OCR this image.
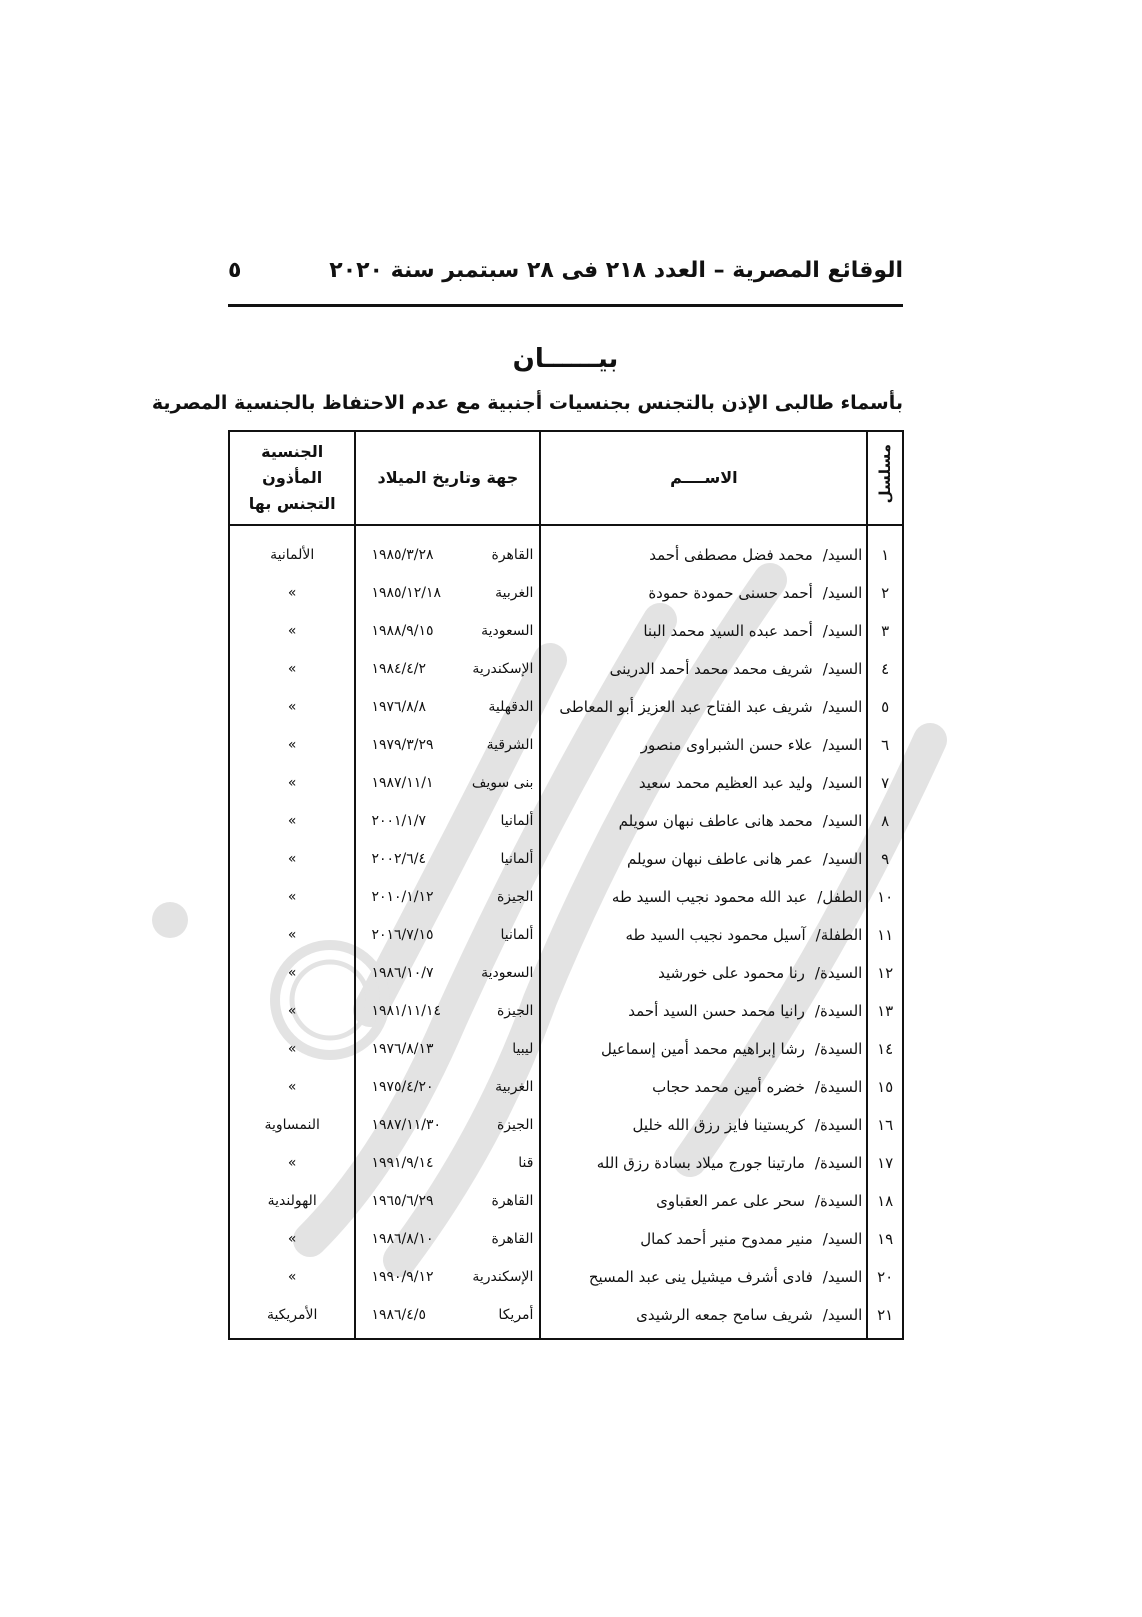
الوقائع المصرية – العدد ٢١٨ فى ٢٨ سبتمبر سنة ٢٠٢٠
٥
بيــــــان
بأسماء طالبى الإذن بالتجنس بجنسيات أجنبية مع عدم الاحتفاظ بالجنسية المصرية
مسلسل	الاســــم	جهة وتاريخ الميلاد	الجنسية المأذون
التجنس بها

١	السيد/محمد فضل مصطفى أحمد	القاهرة١٩٨٥/٣/٢٨	الألمانية
٢	السيد/أحمد حسنى حمودة حمودة	الغربية١٩٨٥/١٢/١٨	»
٣	السيد/أحمد عبده السيد محمد البنا	السعودية١٩٨٨/٩/١٥	»
٤	السيد/شريف محمد محمد أحمد الدرينى	الإسكندرية١٩٨٤/٤/٢	»
٥	السيد/شريف عبد الفتاح عبد العزيز أبو المعاطى	الدقهلية١٩٧٦/٨/٨	»
٦	السيد/علاء حسن الشبراوى منصور	الشرقية١٩٧٩/٣/٢٩	»
٧	السيد/وليد عبد العظيم محمد سعيد	بنى سويف١٩٨٧/١١/١	»
٨	السيد/محمد هانى عاطف نبهان سويلم	ألمانيا٢٠٠١/١/٧	»
٩	السيد/عمر هانى عاطف نبهان سويلم	ألمانيا٢٠٠٢/٦/٤	»
١٠	الطفل/عبد الله محمود نجيب السيد طه	الجيزة٢٠١٠/١/١٢	»
١١	الطفلة/آسيل محمود نجيب السيد طه	ألمانيا٢٠١٦/٧/١٥	»
١٢	السيدة/رنا محمود على خورشيد	السعودية١٩٨٦/١٠/٧	»
١٣	السيدة/رانيا محمد حسن السيد أحمد	الجيزة١٩٨١/١١/١٤	»
١٤	السيدة/رشا إبراهيم محمد أمين إسماعيل	ليبيا١٩٧٦/٨/١٣	»
١٥	السيدة/خضره أمين محمد حجاب	الغربية١٩٧٥/٤/٢٠	»
١٦	السيدة/كريستينا فايز رزق الله خليل	الجيزة١٩٨٧/١١/٣٠	النمساوية
١٧	السيدة/مارتينا جورج ميلاد بسادة رزق الله	قنا١٩٩١/٩/١٤	»
١٨	السيدة/سحر على عمر العقباوى	القاهرة١٩٦٥/٦/٢٩	الهولندية
١٩	السيد/منير ممدوح منير أحمد كمال	القاهرة١٩٨٦/٨/١٠	»
٢٠	السيد/فادى أشرف ميشيل ينى عبد المسيح	الإسكندرية١٩٩٠/٩/١٢	»
٢١	السيد/شريف سامح جمعه الرشيدى	أمريكا١٩٨٦/٤/٥	الأمريكية
